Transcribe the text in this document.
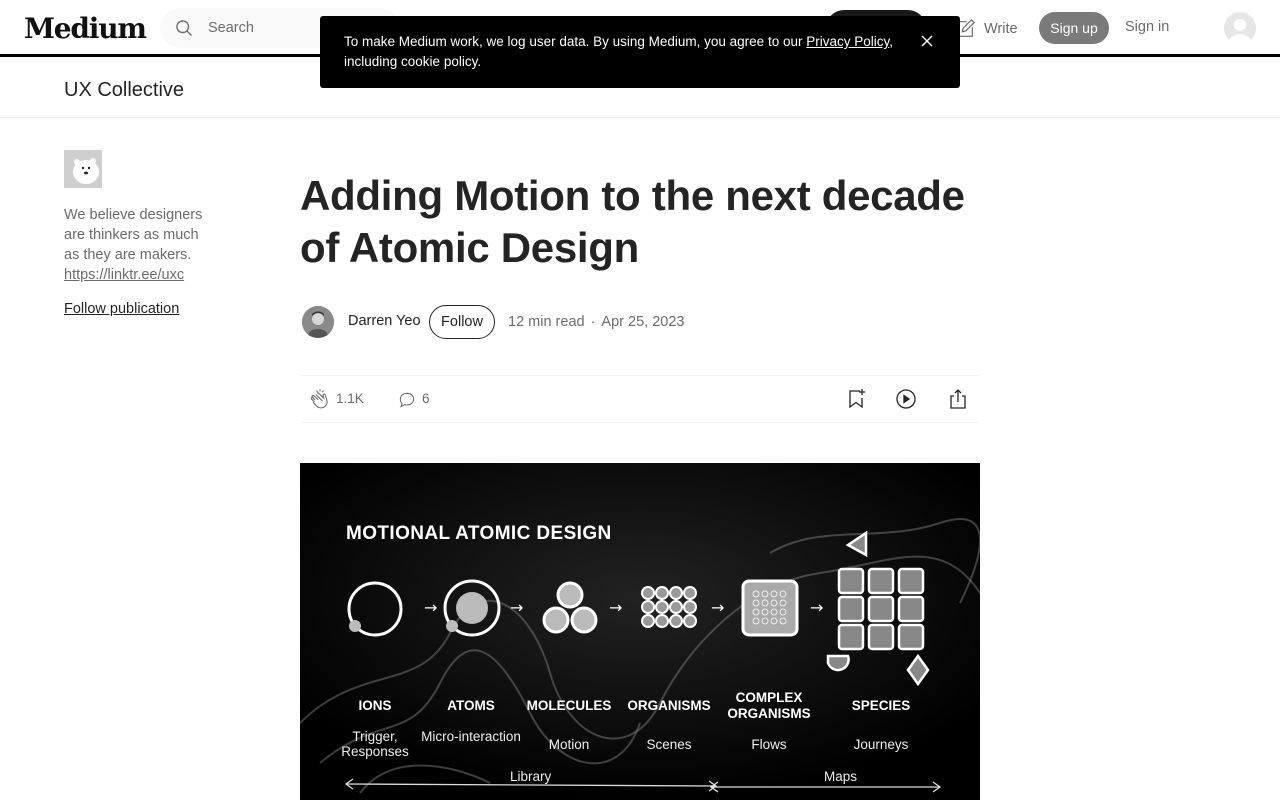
Medium
Search	Write	Sign up	Sign in
To make Medium work, we log user data. By using Medium, you agree to our Privacy Policy, including cookie policy.
UX Collective
We believe designers are thinkers as much as they are makers.
https://linktr.ee/uxc
Follow publication
Adding Motion to the next decade of Atomic Design
Darren Yeo	Follow	12 min read · Apr 25, 2023
1.1K	6
→	→	→	→	→
MOTIONAL ATOMIC DESIGN
IONS
Trigger, Responses
ATOMS
Micro-interaction
MOLECULES
Motion
ORGANISMS
Scenes
COMPLEX ORGANISMS
Flows
SPECIES
Journeys
Library	Maps
